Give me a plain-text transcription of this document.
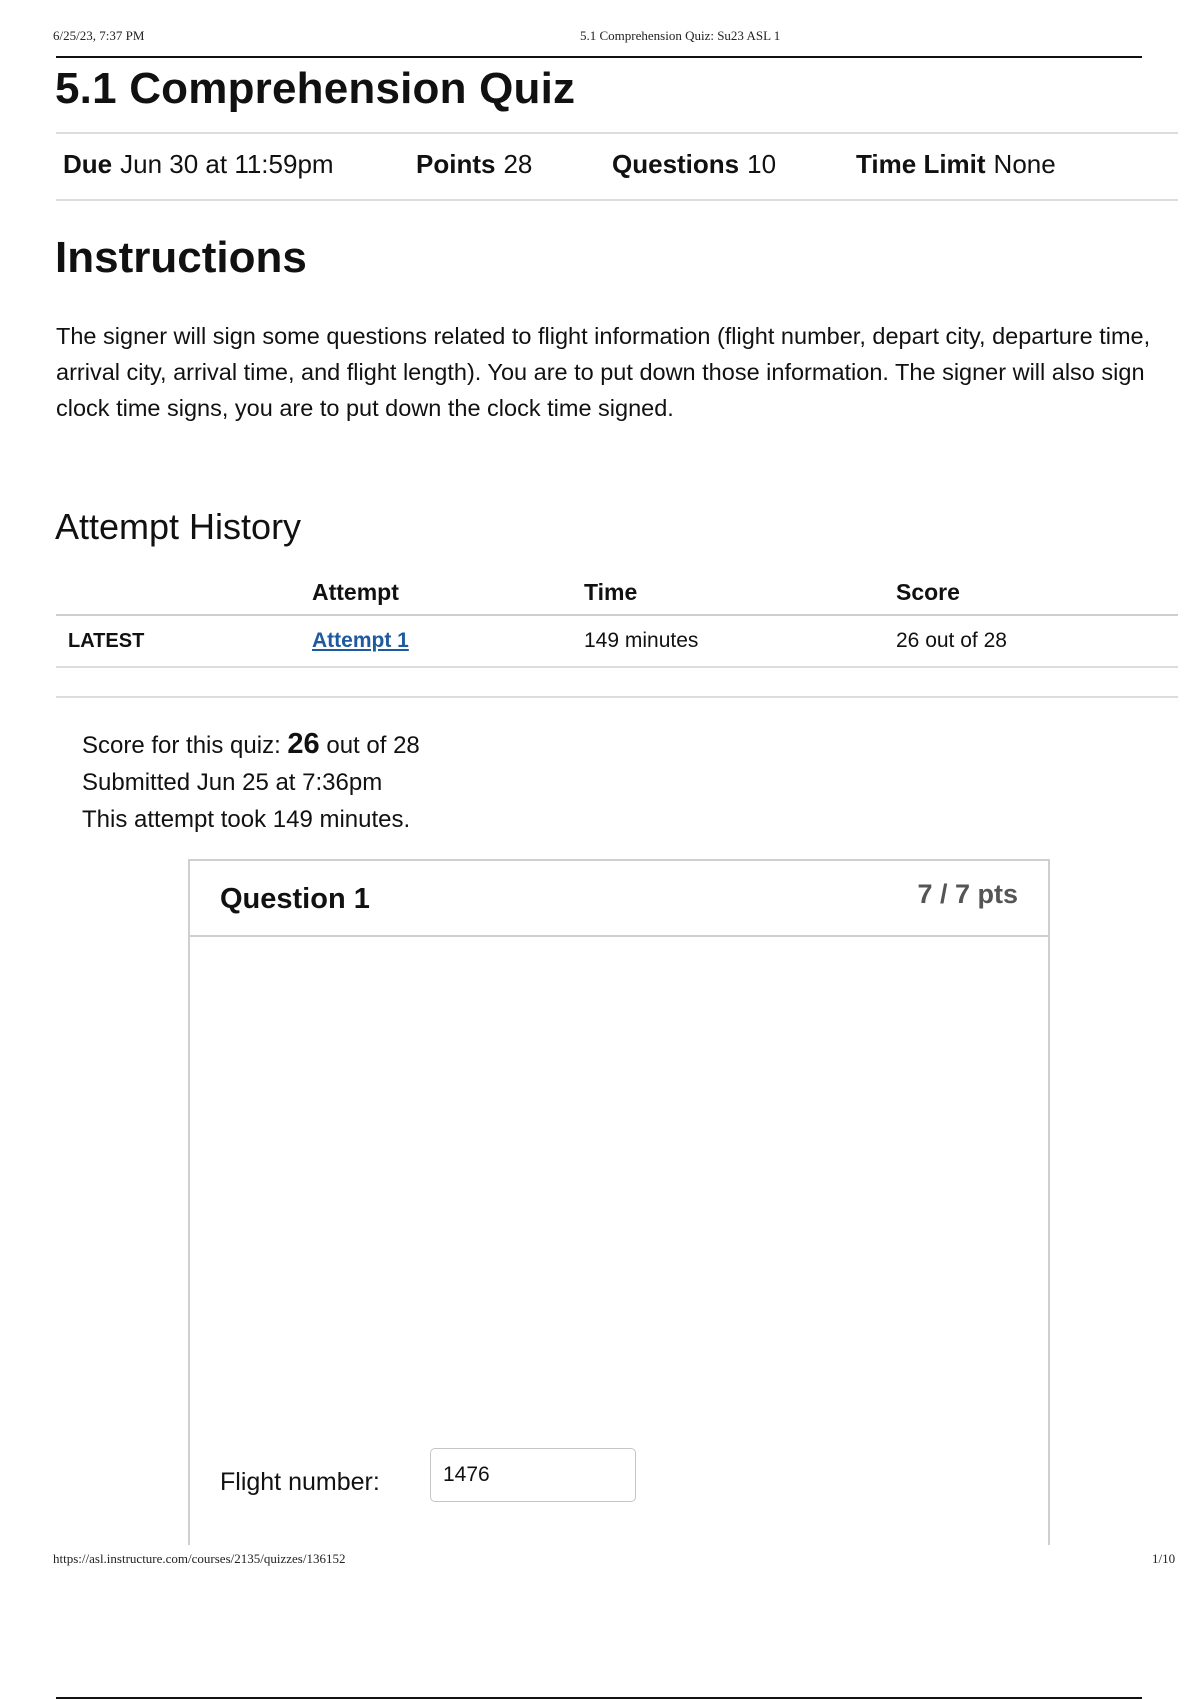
6/25/23, 7:37 PM	5.1 Comprehension Quiz: Su23 ASL 1
5.1 Comprehension Quiz
Due Jun 30 at 11:59pm	Points 28	Questions 10	Time Limit None
Instructions

The signer will sign some questions related to flight information (flight number, depart city, departure time, arrival city, arrival time, and flight length). You are to put down those information. The signer will also sign clock time signs, you are to put down the clock time signed.

Attempt History
	Attempt	Time	Score
LATEST	Attempt 1	149 minutes	26 out of 28
Score for this quiz: 26 out of 28
Submitted Jun 25 at 7:36pm
This attempt took 149 minutes.
Question 1	7 / 7 pts
Flight number:
1476
https://asl.instructure.com/courses/2135/quizzes/136152	1/10
